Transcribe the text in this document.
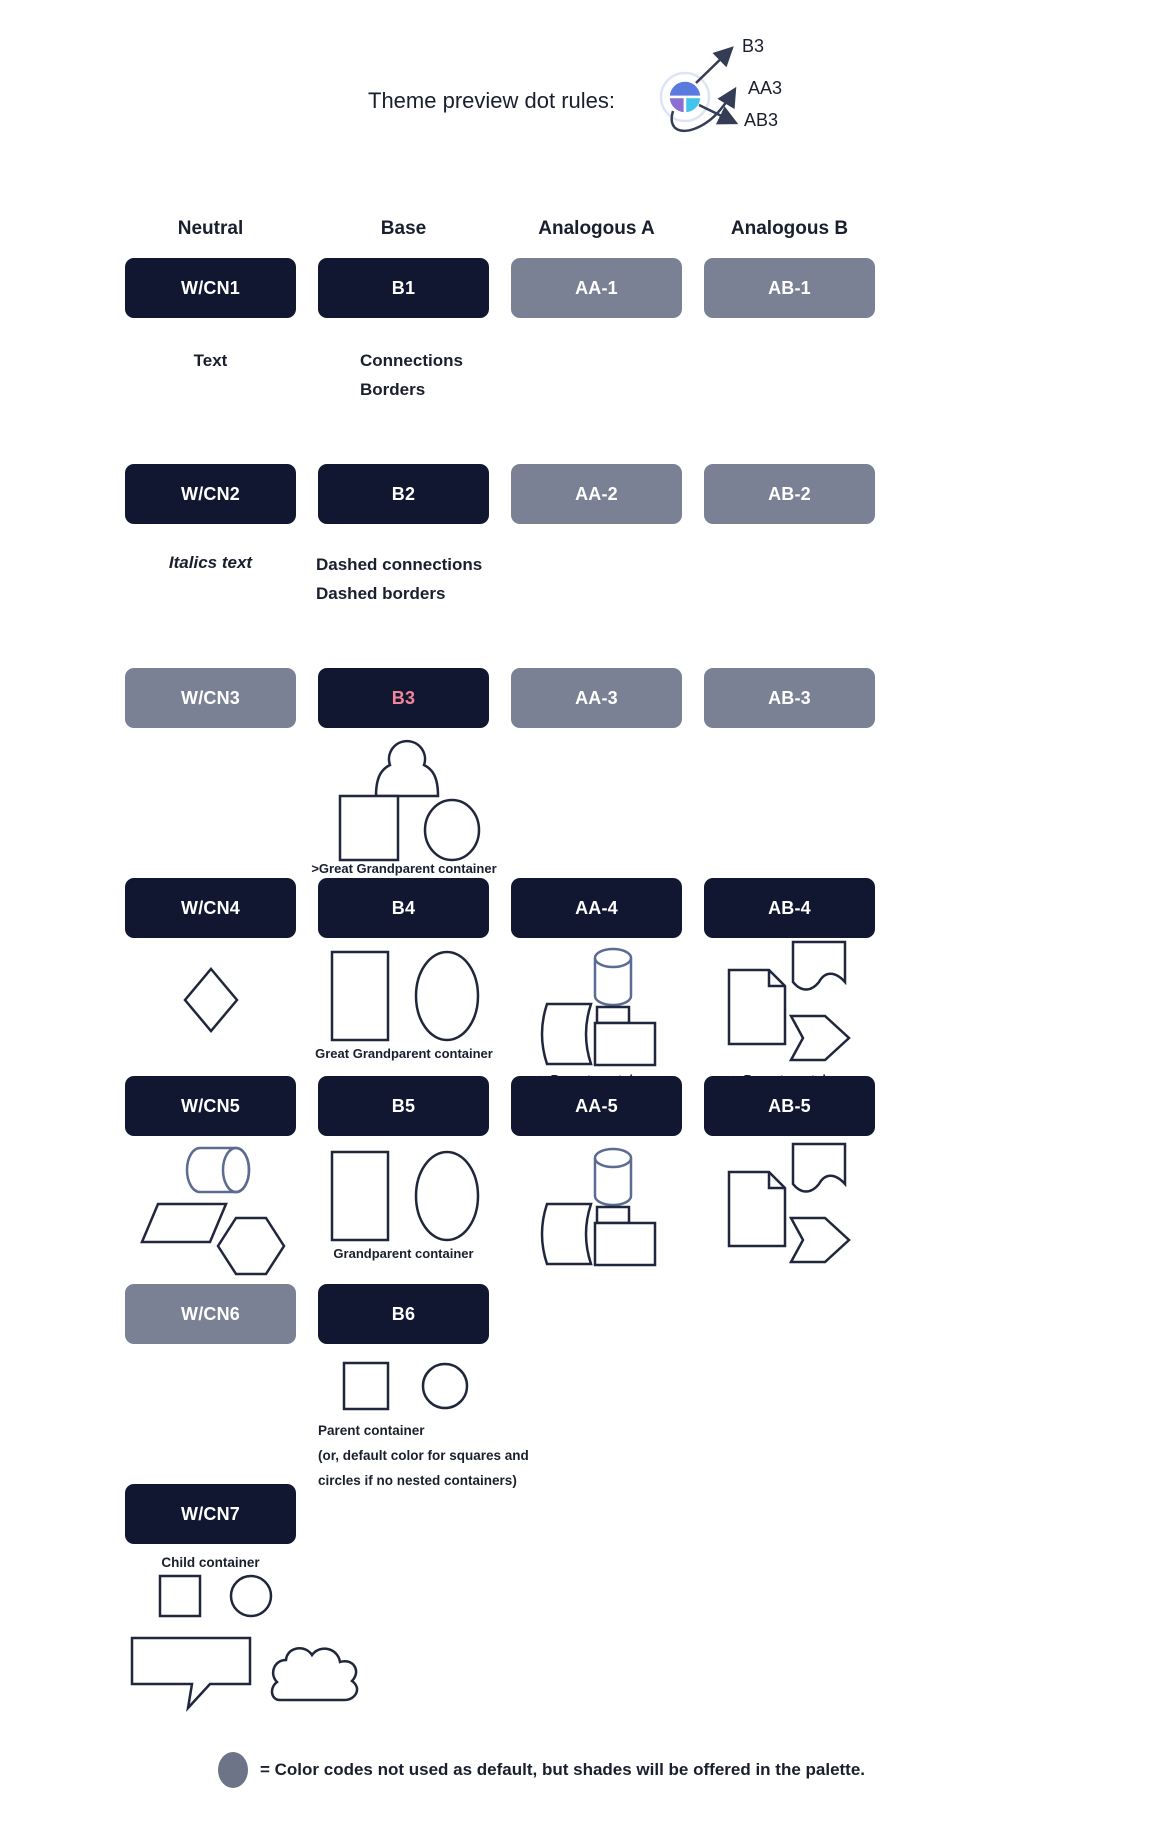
Theme preview dot rules:
B3
AA3
AB3
Neutral	Base	Analogous A	Analogous B
W/CN1	B1	AA-1	AB-1
Text	Connections
Borders
W/CN2	B2	AA-2	AB-2
Italics text	Dashed connections
Dashed borders
W/CN3	B3	AA-3	AB-3
>Great Grandparent container
W/CN4	B4	AA-4	AB-4
Great Grandparent container
W/CN5	B5	AA-5	AB-5
Grandparent container
W/CN6	B6
Parent container
(or, default color for squares and
circles if no nested containers)
W/CN7
Child container
= Color codes not used as default, but shades will be offered in the palette.
